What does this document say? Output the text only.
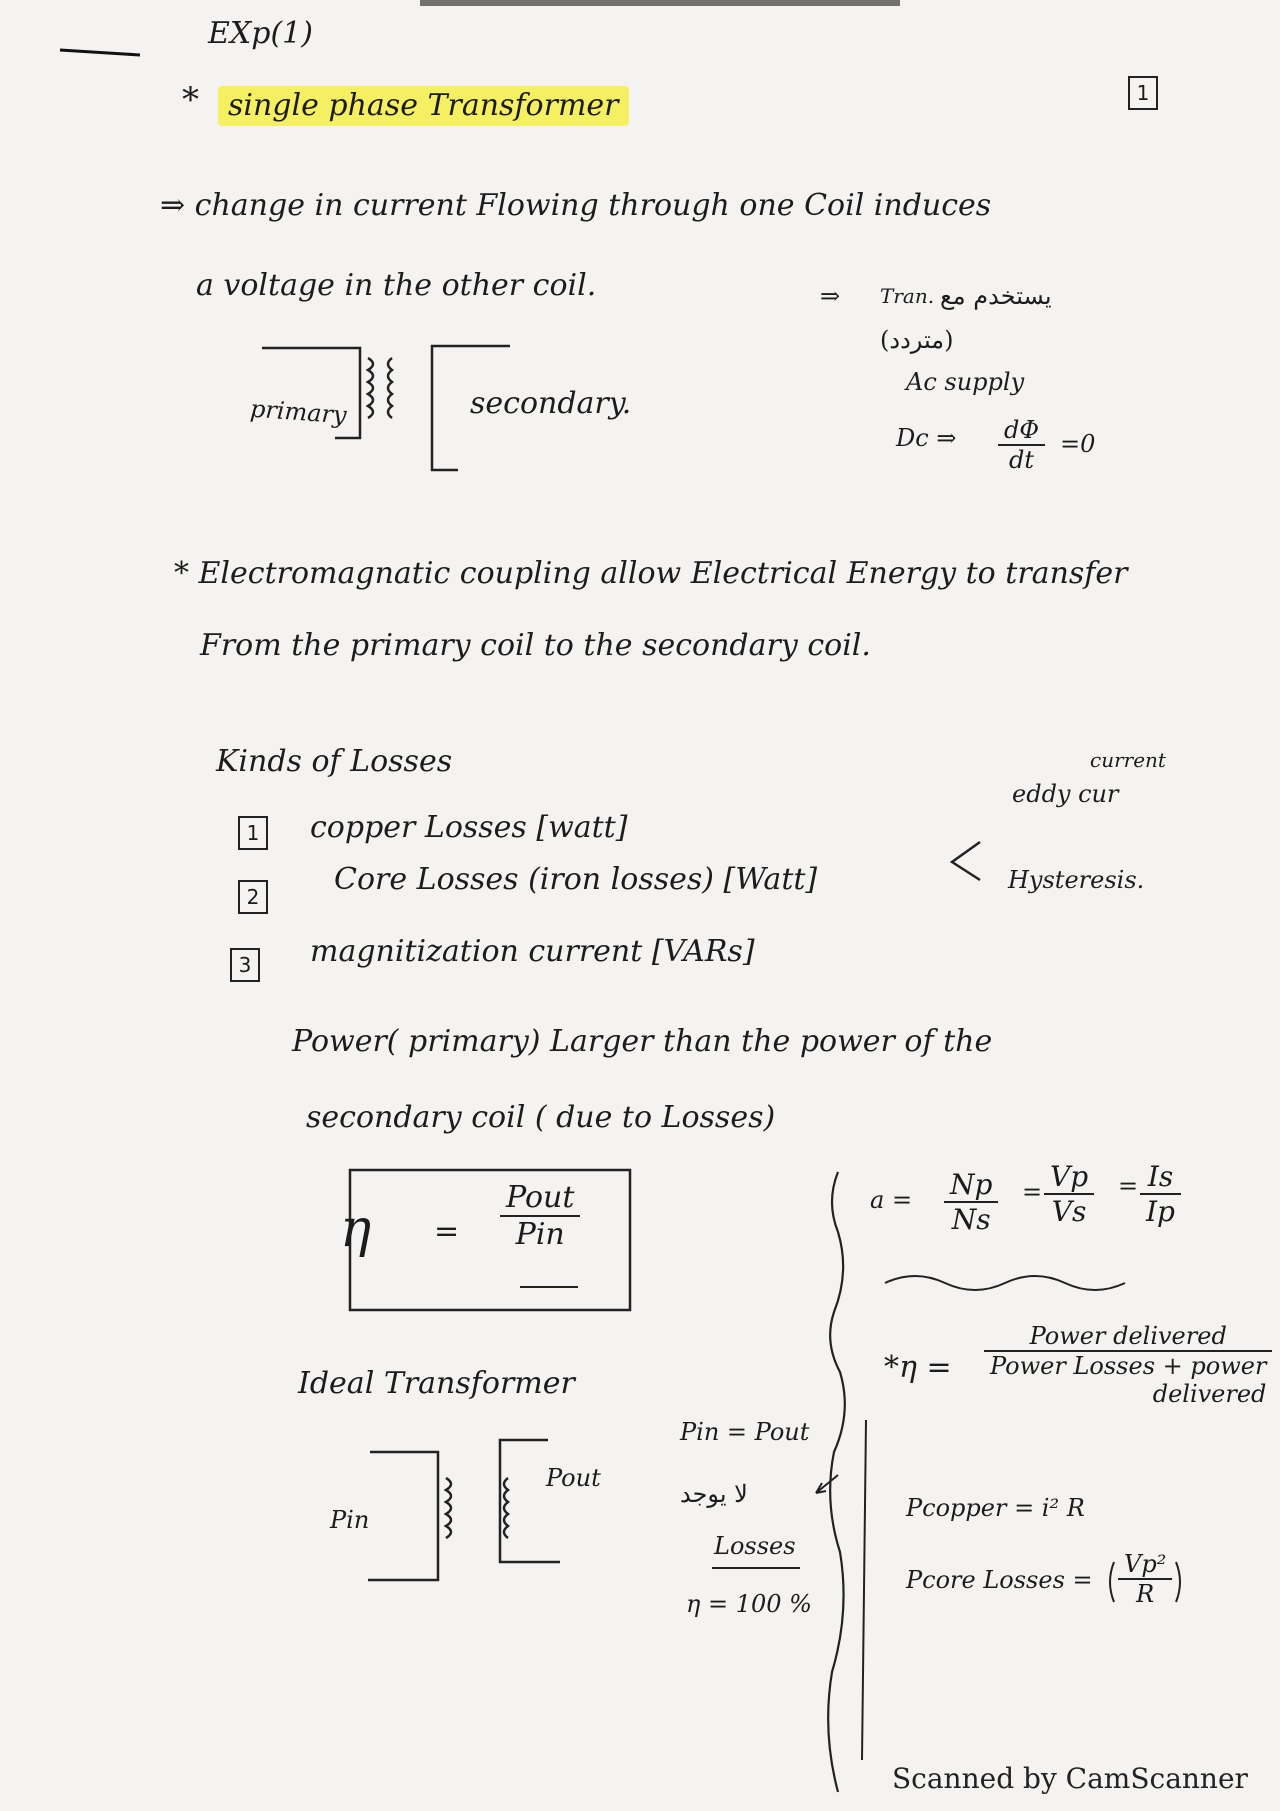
EXp(1)
* single phase Transformer	1
⇒ change in current Flowing through one Coil induces
a voltage in the other coil.	⇒ Tran. يستخدم مع
(متردد)
Ac supply
Dc ⇒ $\frac{d\Phi}{dt} =0$
primary	secondary.
* Electromagnatic coupling allow Electrical Energy to transfer
From the primary coil to the secondary coil.
Kinds of Losses
1 copper Losses [watt]
2 Core Losses (iron losses) [Watt]
3 magnitization current [VARs]
current
eddy cur
Hysteresis.
Power( primary) Larger than the power of the
secondary coil ( due to Losses)
η =
Pout
Pin
$a = \frac{Np}{Ns} = \frac{Vp}{Vs} = \frac{Is}{Ip}$
*η =
Power delivered
Power Losses + power
delivered
Ideal Transformer
Pin
Pout
Pin = Pout
لا يوجد
Losses
η = 100 %
Pcopper = i² R
Pcore Losses = $\frac{\text{Vp²}}{R}$
Scanned by CamScanner
